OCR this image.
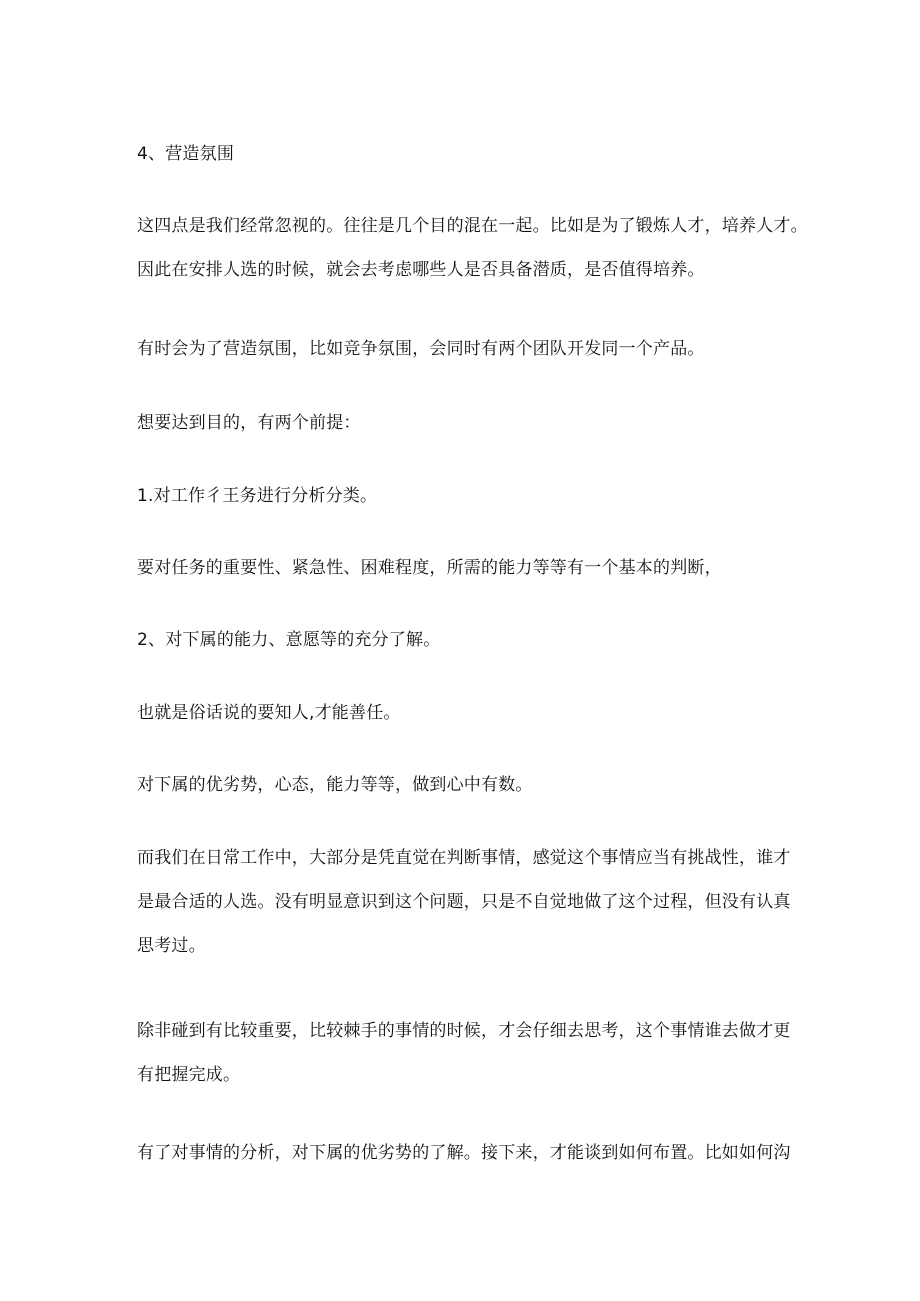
4、营造氛围

这四点是我们经常忽视的。往往是几个目的混在一起。比如是为了锻炼人才，培养人才。
因此在安排人选的时候，就会去考虑哪些人是否具备潜质，是否值得培养。

有时会为了营造氛围，比如竞争氛围，会同时有两个团队开发同一个产品。

想要达到目的，有两个前提：

1.对工作彳王务进行分析分类。

要对任务的重要性、紧急性、困难程度，所需的能力等等有一个基本的判断，

2、对下属的能力、意愿等的充分了解。

也就是俗话说的要知人,才能善任。

对下属的优劣势，心态，能力等等，做到心中有数。

而我们在日常工作中，大部分是凭直觉在判断事情，感觉这个事情应当有挑战性，谁才
是最合适的人选。没有明显意识到这个问题，只是不自觉地做了这个过程，但没有认真
思考过。

除非碰到有比较重要，比较棘手的事情的时候，才会仔细去思考，这个事情谁去做才更
有把握完成。

有了对事情的分析，对下属的优劣势的了解。接下来，才能谈到如何布置。比如如何沟
